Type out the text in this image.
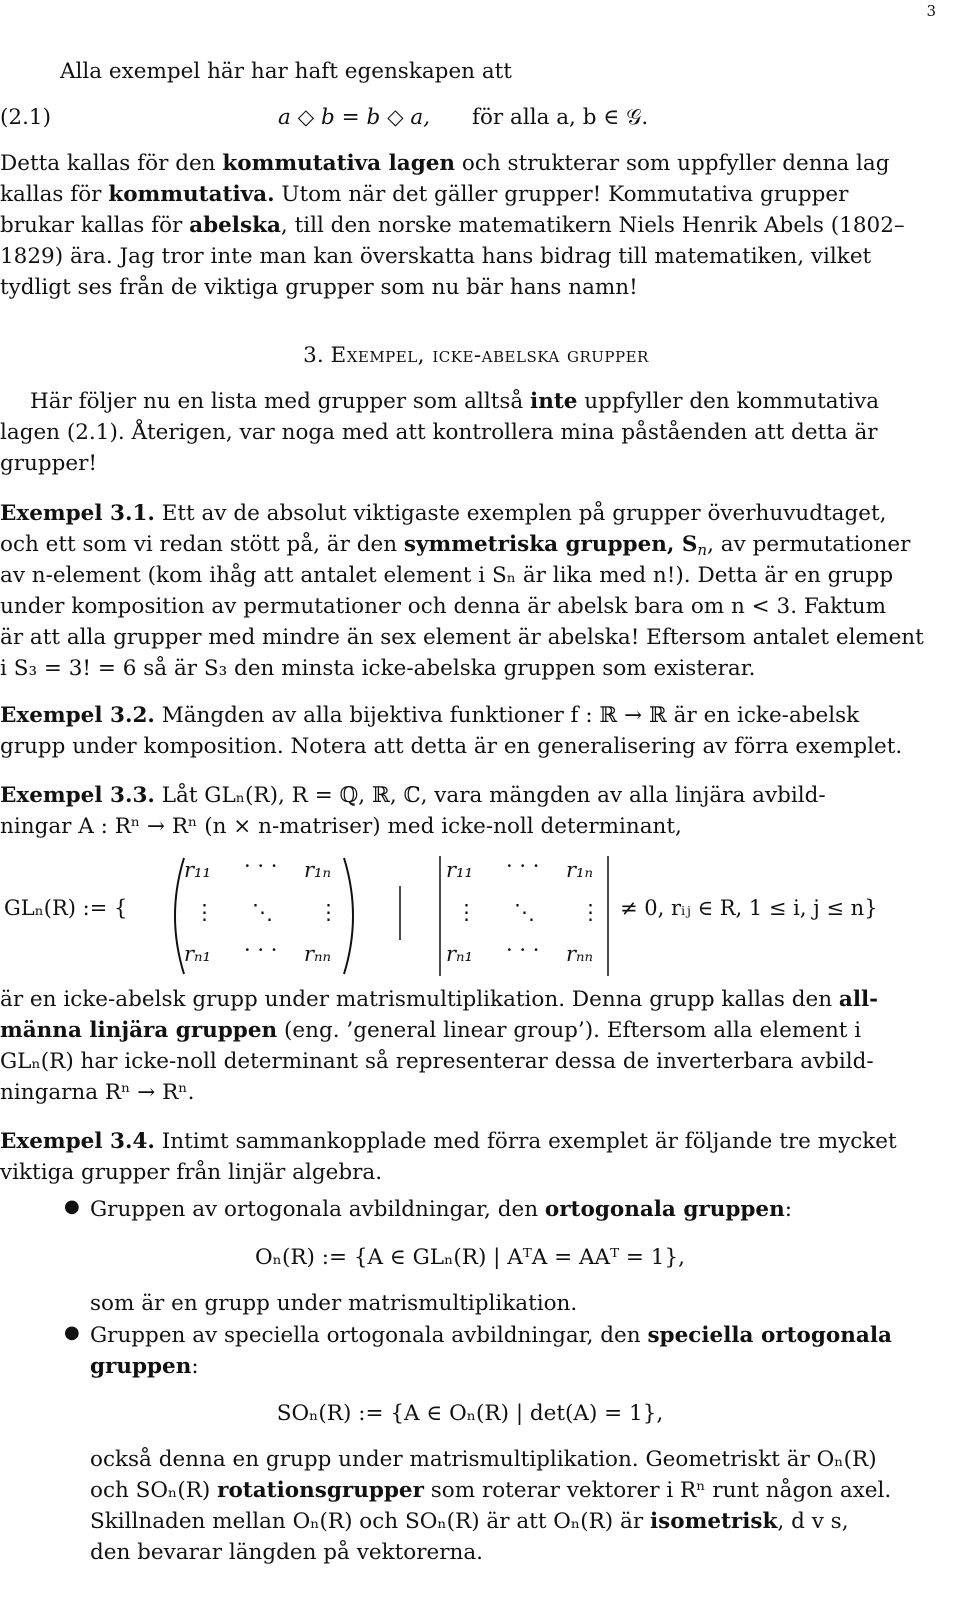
3
Alla exempel här har haft egenskapen att
(2.1)	a ◇ b = b ◇ a, för alla a, b ∈ 𝒢.
Detta kallas för den kommutativa lagen och strukterar som uppfyller denna lag
kallas för kommutativa. Utom när det gäller grupper! Kommutativa grupper
brukar kallas för abelska, till den norske matematikern Niels Henrik Abels (1802–
1829) ära. Jag tror inte man kan överskatta hans bidrag till matematiken, vilket
tydligt ses från de viktiga grupper som nu bär hans namn!
3. Exempel, icke-abelska grupper
Här följer nu en lista med grupper som alltså inte uppfyller den kommutativa
lagen (2.1). Återigen, var noga med att kontrollera mina påståenden att detta är
grupper!
Exempel 3.1. Ett av de absolut viktigaste exemplen på grupper överhuvudtaget,
och ett som vi redan stött på, är den symmetriska gruppen, $S_n$, av permutationer
av n-element (kom ihåg att antalet element i Sₙ är lika med n!). Detta är en grupp
under komposition av permutationer och denna är abelsk bara om n < 3. Faktum
är att alla grupper med mindre än sex element är abelska! Eftersom antalet element
i S₃ = 3! = 6 så är S₃ den minsta icke-abelska gruppen som existerar.
Exempel 3.2. Mängden av alla bijektiva funktioner f : ℝ → ℝ är en icke-abelsk
grupp under komposition. Notera att detta är en generalisering av förra exemplet.
Exempel 3.3. Låt GLₙ(R), R = ℚ, ℝ, ℂ, vara mängden av alla linjära avbild-
ningar A : Rⁿ → Rⁿ (n × n-matriser) med icke-noll determinant,
GLₙ(R) := {
r₁₁ · · · r₁ₙ
⋮ ⋱ ⋮
rₙ₁ · · · rₙₙ
r₁₁ · · · r₁ₙ
⋮ ⋱ ⋮
rₙ₁ · · · rₙₙ
≠ 0, rᵢⱼ ∈ R, 1 ≤ i, j ≤ n}
är en icke-abelsk grupp under matrismultiplikation. Denna grupp kallas den all-
männa linjära gruppen (eng. ’general linear group’). Eftersom alla element i
GLₙ(R) har icke-noll determinant så representerar dessa de inverterbara avbild-
ningarna Rⁿ → Rⁿ.
Exempel 3.4. Intimt sammankopplade med förra exemplet är följande tre mycket
viktiga grupper från linjär algebra.
● Gruppen av ortogonala avbildningar, den ortogonala gruppen:
Oₙ(R) := {A ∈ GLₙ(R) | AᵀA = AAᵀ = 1},
som är en grupp under matrismultiplikation.
● Gruppen av speciella ortogonala avbildningar, den speciella ortogonala
gruppen:
SOₙ(R) := {A ∈ Oₙ(R) | det(A) = 1},
också denna en grupp under matrismultiplikation. Geometriskt är Oₙ(R)
och SOₙ(R) rotationsgrupper som roterar vektorer i Rⁿ runt någon axel.
Skillnaden mellan Oₙ(R) och SOₙ(R) är att Oₙ(R) är isometrisk, d v s,
den bevarar längden på vektorerna.
